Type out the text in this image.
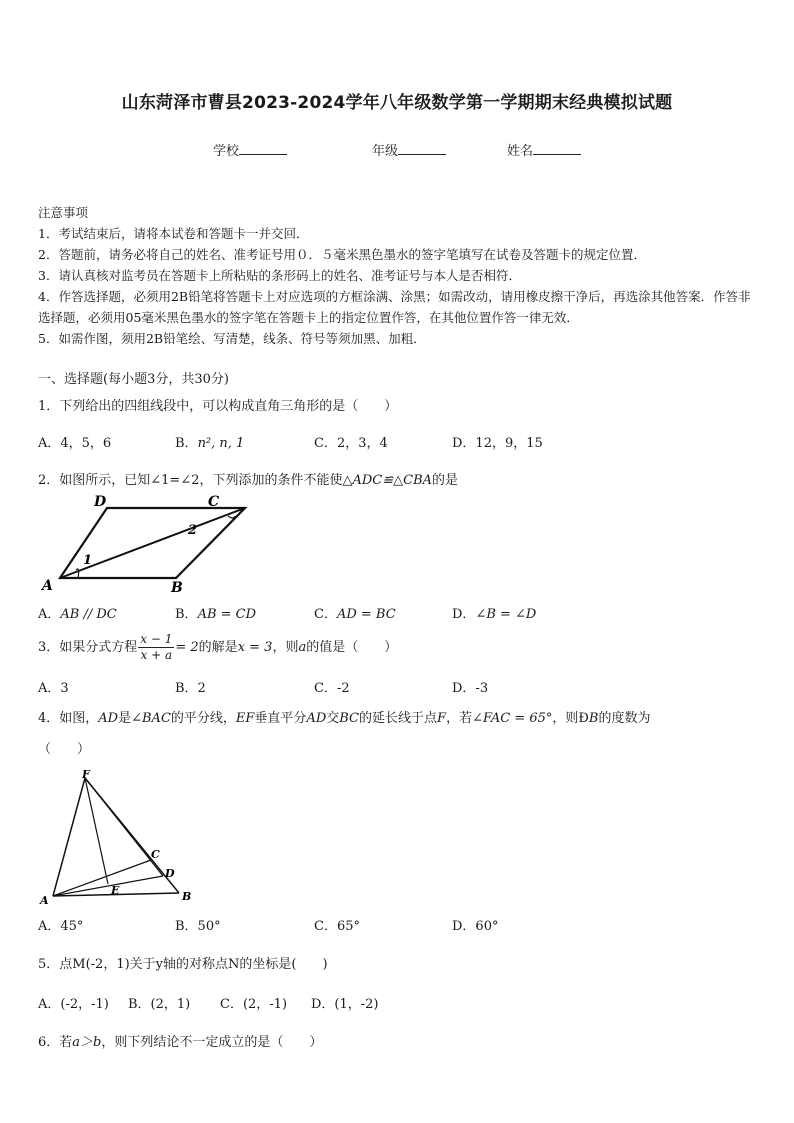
山东菏泽市曹县2023-2024学年八年级数学第一学期期末经典模拟试题
学校	年级	姓名
注意事项
1．考试结束后，请将本试卷和答题卡一并交回．
2．答题前，请务必将自己的姓名、准考证号用０．５毫米黑色墨水的签字笔填写在试卷及答题卡的规定位置．
3．请认真核对监考员在答题卡上所粘贴的条形码上的姓名、准考证号与本人是否相符．
4．作答选择题，必须用2B铅笔将答题卡上对应选项的方框涂满、涂黑；如需改动，请用橡皮擦干净后，再选涂其他答案．作答非选择题，必须用05毫米黑色墨水的签字笔在答题卡上的指定位置作答，在其他位置作答一律无效．
5．如需作图，须用2B铅笔绘、写清楚，线条、符号等须加黑、加粗．
一、选择题(每小题3分，共30分)
1．下列给出的四组线段中，可以构成直角三角形的是（　　）
A．4，5，6	B．n², n, 1	C．2，3，4	D．12，9，15
2．如图所示，已知∠1=∠2，下列添加的条件不能使△ADC≌△CBA的是
A	B
C
D
1
2
A．AB // DC	B．AB = CD	C．AD = BC	D．∠B = ∠D
3．如果分式方程 $\frac{x - 1}{x + a} = 2$的解是x = 3，则a的值是（　　）
A．3	B．2	C．-2	D．-3
4．如图，AD是∠BAC的平分线，EF垂直平分AD交BC的延长线于点F，若∠FAC = 65°，则ÐB的度数为
（　　）
F
A	B
C
D
E
A．45°	B．50°	C．65°	D．60°
5．点M(-2，1)关于y轴的对称点N的坐标是(　　)
A．(-2，-1) B．(2，1) C．(2，-1) D．(1，-2)
6．若a＞b，则下列结论不一定成立的是（　　）
